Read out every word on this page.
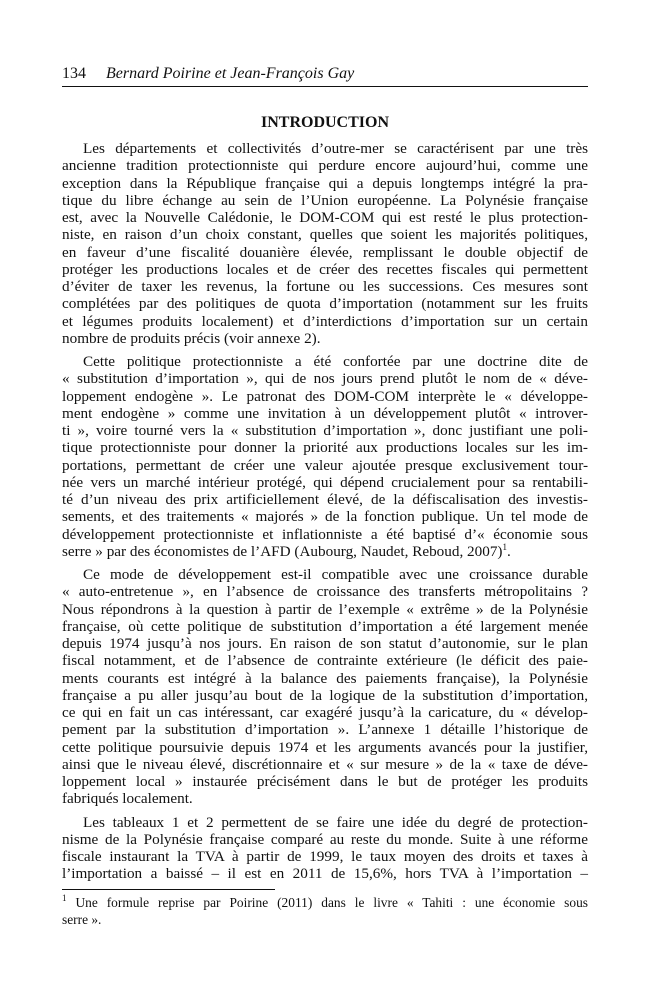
134 Bernard Poirine et Jean-François Gay
INTRODUCTION

Les départements et collectivités d’outre-mer se caractérisent par une très
ancienne tradition protectionniste qui perdure encore aujourd’hui, comme une
exception dans la République française qui a depuis longtemps intégré la pra-
tique du libre échange au sein de l’Union européenne. La Polynésie française
est, avec la Nouvelle Calédonie, le DOM-COM qui est resté le plus protection-
niste, en raison d’un choix constant, quelles que soient les majorités politiques,
en faveur d’une fiscalité douanière élevée, remplissant le double objectif de
protéger les productions locales et de créer des recettes fiscales qui permettent
d’éviter de taxer les revenus, la fortune ou les successions. Ces mesures sont
complétées par des politiques de quota d’importation (notamment sur les fruits
et légumes produits localement) et d’interdictions d’importation sur un certain
nombre de produits précis (voir annexe 2).

Cette politique protectionniste a été confortée par une doctrine dite de
« substitution d’importation », qui de nos jours prend plutôt le nom de « déve-
loppement endogène ». Le patronat des DOM-COM interprète le « développe-
ment endogène » comme une invitation à un développement plutôt « introver-
ti », voire tourné vers la « substitution d’importation », donc justifiant une poli-
tique protectionniste pour donner la priorité aux productions locales sur les im-
portations, permettant de créer une valeur ajoutée presque exclusivement tour-
née vers un marché intérieur protégé, qui dépend crucialement pour sa rentabili-
té d’un niveau des prix artificiellement élevé, de la défiscalisation des investis-
sements, et des traitements « majorés » de la fonction publique. Un tel mode de
développement protectionniste et inflationniste a été baptisé d’« économie sous
serre » par des économistes de l’AFD (Aubourg, Naudet, Reboud, 2007)$^1$.

Ce mode de développement est-il compatible avec une croissance durable
« auto-entretenue », en l’absence de croissance des transferts métropolitains ?
Nous répondrons à la question à partir de l’exemple « extrême » de la Polynésie
française, où cette politique de substitution d’importation a été largement menée
depuis 1974 jusqu’à nos jours. En raison de son statut d’autonomie, sur le plan
fiscal notamment, et de l’absence de contrainte extérieure (le déficit des paie-
ments courants est intégré à la balance des paiements française), la Polynésie
française a pu aller jusqu’au bout de la logique de la substitution d’importation,
ce qui en fait un cas intéressant, car exagéré jusqu’à la caricature, du « dévelop-
pement par la substitution d’importation ». L’annexe 1 détaille l’historique de
cette politique poursuivie depuis 1974 et les arguments avancés pour la justifier,
ainsi que le niveau élevé, discrétionnaire et « sur mesure » de la « taxe de déve-
loppement local » instaurée précisément dans le but de protéger les produits
fabriqués localement.

Les tableaux 1 et 2 permettent de se faire une idée du degré de protection-
nisme de la Polynésie française comparé au reste du monde. Suite à une réforme
fiscale instaurant la TVA à partir de 1999, le taux moyen des droits et taxes à
l’importation a baissé – il est en 2011 de 15,6%, hors TVA à l’importation –

$^1$ Une formule reprise par Poirine (2011) dans le livre « Tahiti : une économie sous
serre ».
